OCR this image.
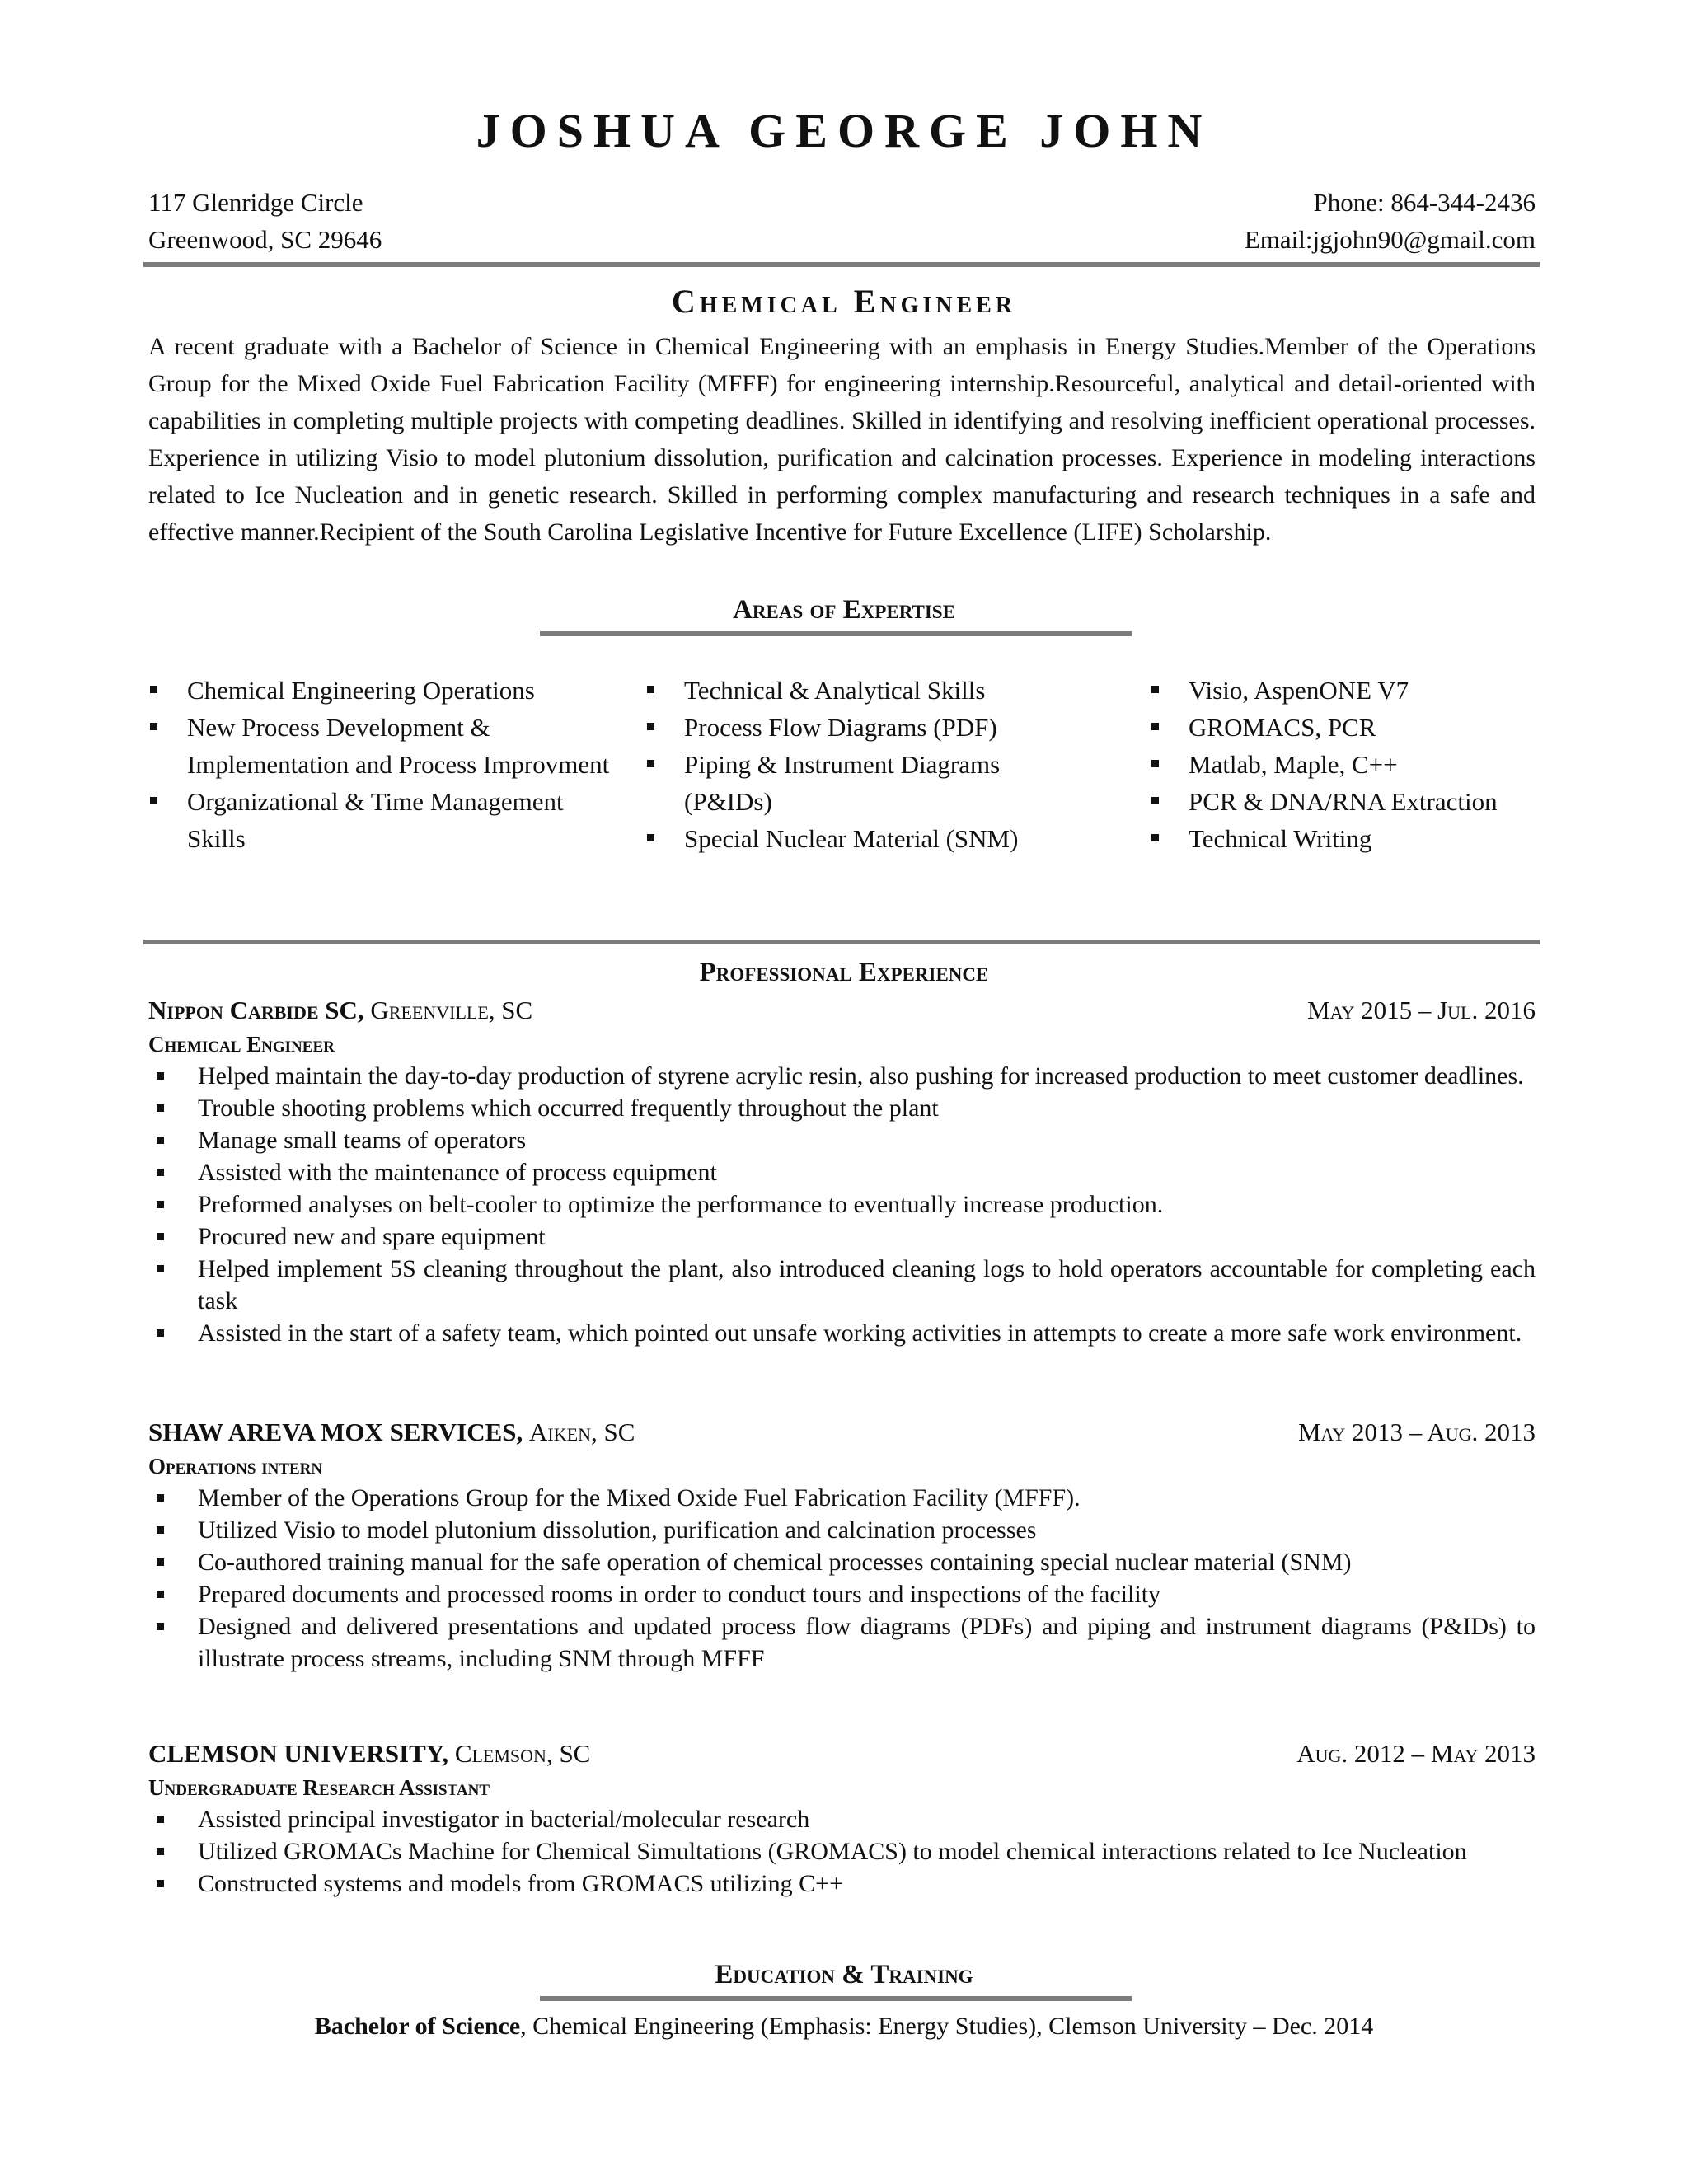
JOSHUA GEORGE JOHN
117 Glenridge Circle	Phone: 864-344-2436
Greenwood, SC 29646	Email:jgjohn90@gmail.com
Chemical Engineer
A recent graduate with a Bachelor of Science in Chemical Engineering with an emphasis in Energy Studies.Member of the Operations Group for the Mixed Oxide Fuel Fabrication Facility (MFFF) for engineering internship.Resourceful, analytical and detail-oriented with capabilities in completing multiple projects with competing deadlines. Skilled in identifying and resolving inefficient operational processes. Experience in utilizing Visio to model plutonium dissolution, purification and calcination processes. Experience in modeling interactions related to Ice Nucleation and in genetic research. Skilled in performing complex manufacturing and research techniques in a safe and effective manner.Recipient of the South Carolina Legislative Incentive for Future Excellence (LIFE) Scholarship.
Areas of Expertise
Chemical Engineering Operations
New Process Development & Implementation and Process Improvment
Organizational & Time Management Skills
Technical & Analytical Skills
Process Flow Diagrams (PDF)
Piping & Instrument Diagrams (P&IDs)
Special Nuclear Material (SNM)
Visio, AspenONE V7
GROMACS, PCR
Matlab, Maple, C++
PCR & DNA/RNA Extraction
Technical Writing
Professional Experience
Nippon Carbide SC, Greenville, SC	May 2015 – Jul. 2016
Chemical Engineer
Helped maintain the day-to-day production of styrene acrylic resin, also pushing for increased production to meet customer deadlines.
Trouble shooting problems which occurred frequently throughout the plant
Manage small teams of operators
Assisted with the maintenance of process equipment
Preformed analyses on belt-cooler to optimize the performance to eventually increase production.
Procured new and spare equipment
Helped implement 5S cleaning throughout the plant, also introduced cleaning logs to hold operators accountable for completing each task
Assisted in the start of a safety team, which pointed out unsafe working activities in attempts to create a more safe work environment.
SHAW AREVA MOX SERVICES, Aiken, SC	May 2013 – Aug. 2013
Operations intern
Member of the Operations Group for the Mixed Oxide Fuel Fabrication Facility (MFFF).
Utilized Visio to model plutonium dissolution, purification and calcination processes
Co-authored training manual for the safe operation of chemical processes containing special nuclear material (SNM)
Prepared documents and processed rooms in order to conduct tours and inspections of the facility
Designed and delivered presentations and updated process flow diagrams (PDFs) and piping and instrument diagrams (P&IDs) to illustrate process streams, including SNM through MFFF
CLEMSON UNIVERSITY, Clemson, SC	Aug. 2012 – May 2013
Undergraduate Research Assistant
Assisted principal investigator in bacterial/molecular research
Utilized GROMACs Machine for Chemical Simultations (GROMACS) to model chemical interactions related to Ice Nucleation
Constructed systems and models from GROMACS utilizing C++
Education & Training
Bachelor of Science, Chemical Engineering (Emphasis: Energy Studies), Clemson University – Dec. 2014
